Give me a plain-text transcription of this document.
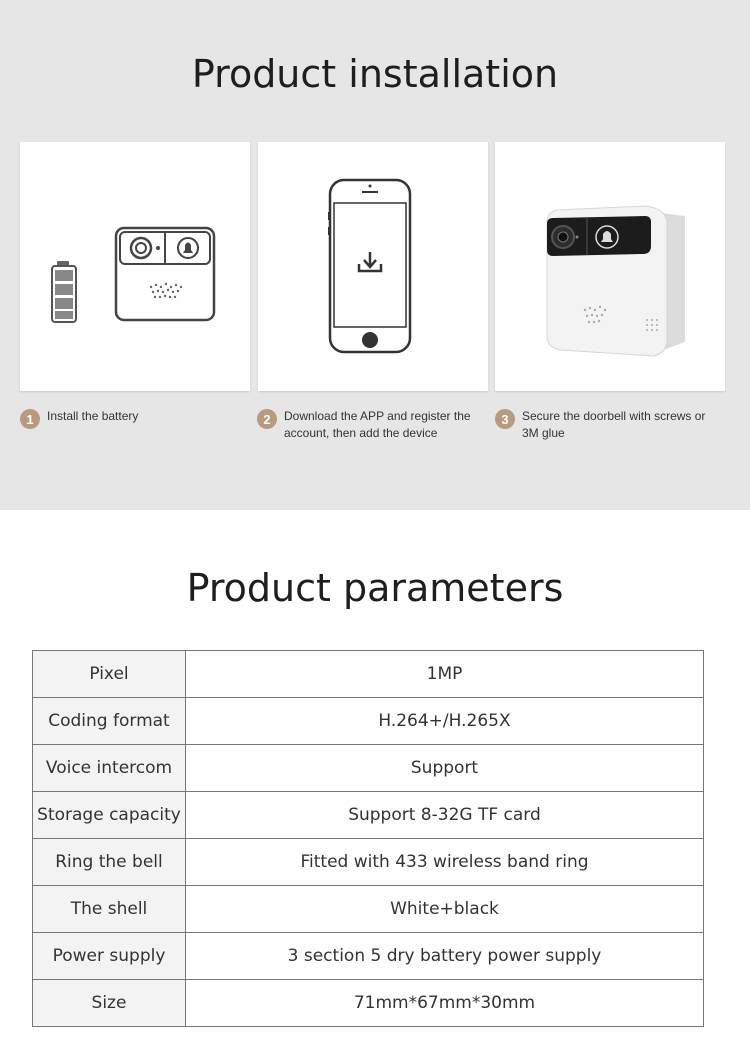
Product installation
1	Install the battery	2	Download the APP and register the account, then add the device
3	Secure the doorbell with screws or 3M glue
Product parameters
Pixel	1MP
Coding format	H.264+/H.265X
Voice intercom	Support
Storage capacity	Support 8-32G TF card
Ring the bell	Fitted with 433 wireless band ring
The shell	White+black
Power supply	3 section 5 dry battery power supply
Size	71mm*67mm*30mm
